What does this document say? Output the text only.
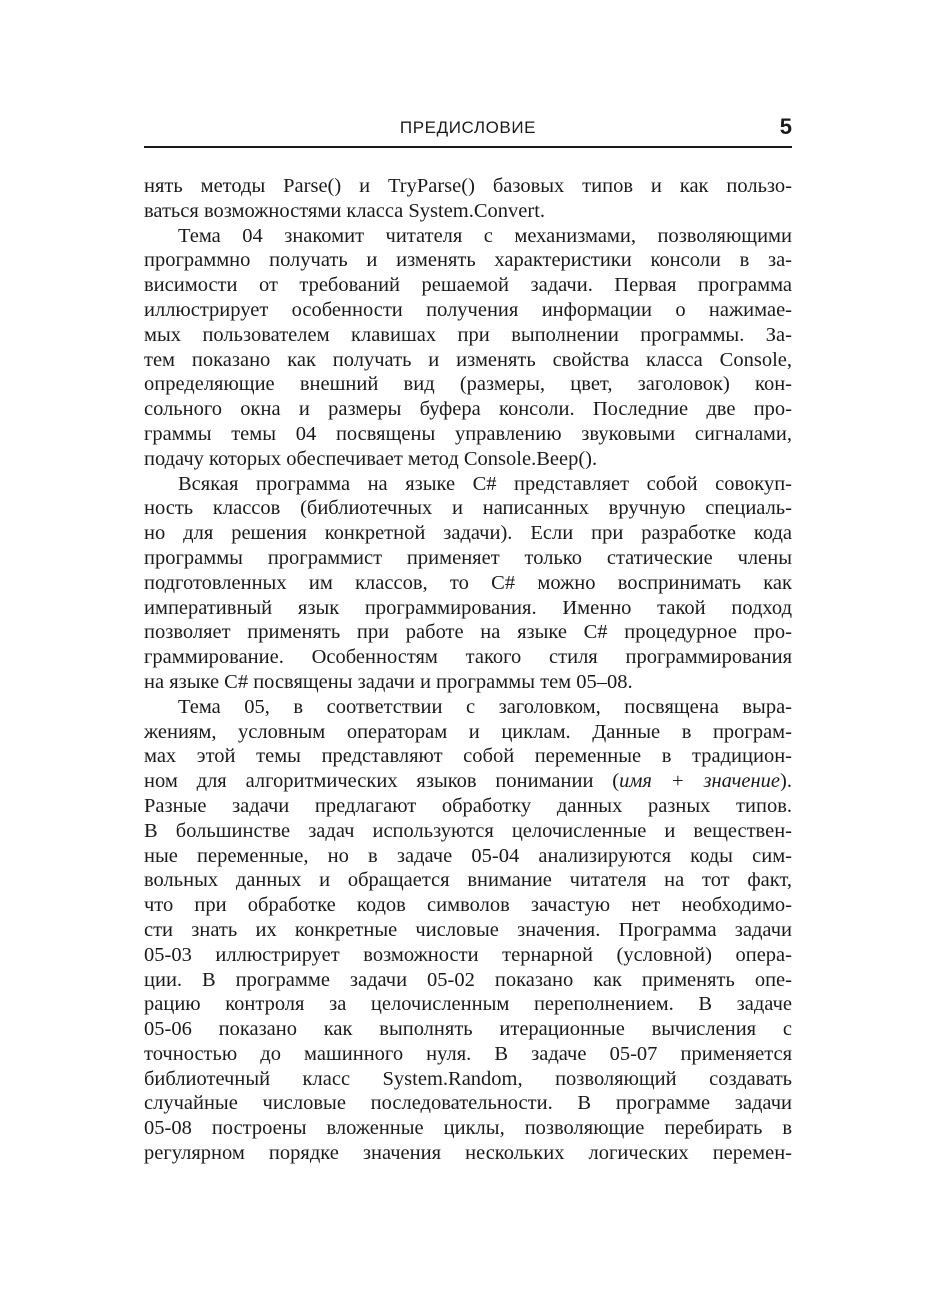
ПРЕДИСЛОВИЕ	5
нять методы Parse() и TryParse() базовых типов и как пользо-
ваться возможностями класса System.Convert.
Тема 04 знакомит читателя с механизмами, позволяющими
программно получать и изменять характеристики консоли в за-
висимости от требований решаемой задачи. Первая программа
иллюстрирует особенности получения информации о нажимае-
мых пользователем клавишах при выполнении программы. За-
тем показано как получать и изменять свойства класса Console,
определяющие внешний вид (размеры, цвет, заголовок) кон-
сольного окна и размеры буфера консоли. Последние две про-
граммы темы 04 посвящены управлению звуковыми сигналами,
подачу которых обеспечивает метод Console.Beep().
Всякая программа на языке C# представляет собой совокуп-
ность классов (библиотечных и написанных вручную специаль-
но для решения конкретной задачи). Если при разработке кода
программы программист применяет только статические члены
подготовленных им классов, то C# можно воспринимать как
императивный язык программирования. Именно такой подход
позволяет применять при работе на языке C# процедурное про-
граммирование. Особенностям такого стиля программирования
на языке C# посвящены задачи и программы тем 05–08.
Тема 05, в соответствии с заголовком, посвящена выра-
жениям, условным операторам и циклам. Данные в програм-
мах этой темы представляют собой переменные в традицион-
ном для алгоритмических языков понимании (имя + значение).
Разные задачи предлагают обработку данных разных типов.
В большинстве задач используются целочисленные и веществен-
ные переменные, но в задаче 05-04 анализируются коды сим-
вольных данных и обращается внимание читателя на тот факт,
что при обработке кодов символов зачастую нет необходимо-
сти знать их конкретные числовые значения. Программа задачи
05-03 иллюстрирует возможности тернарной (условной) опера-
ции. В программе задачи 05-02 показано как применять опе-
рацию контроля за целочисленным переполнением. В задаче
05-06 показано как выполнять итерационные вычисления с
точностью до машинного нуля. В задаче 05-07 применяется
библиотечный класс System.Random, позволяющий создавать
случайные числовые последовательности. В программе задачи
05-08 построены вложенные циклы, позволяющие перебирать в
регулярном порядке значения нескольких логических перемен-
